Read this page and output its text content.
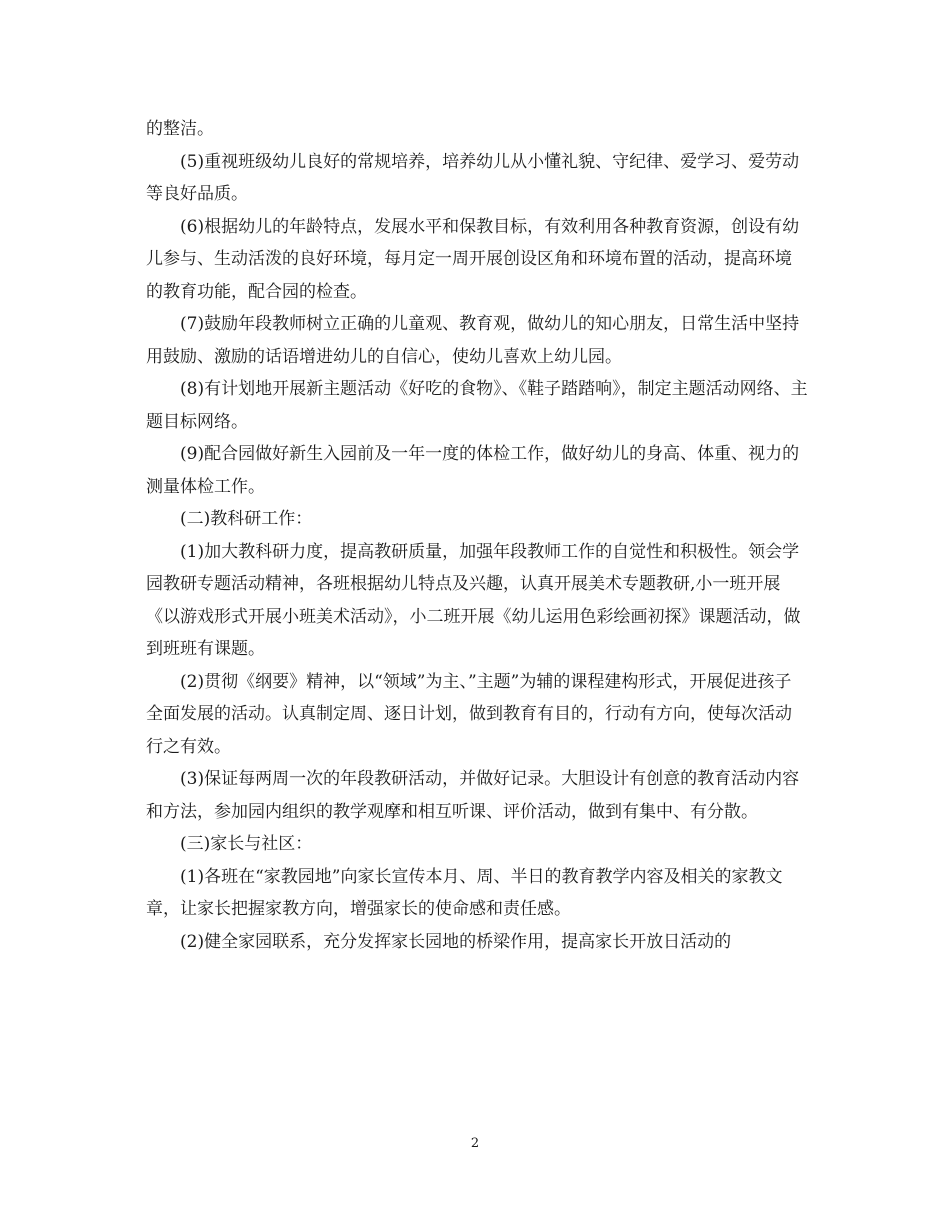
的整洁。

(5)重视班级幼儿良好的常规培养，培养幼儿从小懂礼貌、守纪律、爱学习、爱劳动等良好品质。

(6)根据幼儿的年龄特点，发展水平和保教目标，有效利用各种教育资源，创设有幼儿参与、生动活泼的良好环境，每月定一周开展创设区角和环境布置的活动，提高环境的教育功能，配合园的检查。

(7)鼓励年段教师树立正确的儿童观、教育观，做幼儿的知心朋友，日常生活中坚持用鼓励、激励的话语增进幼儿的自信心，使幼儿喜欢上幼儿园。

(8)有计划地开展新主题活动《好吃的食物》、《鞋子踏踏响》，制定主题活动网络、主题目标网络。

(9)配合园做好新生入园前及一年一度的体检工作，做好幼儿的身高、体重、视力的测量体检工作。

(二)教科研工作：

(1)加大教科研力度，提高教研质量，加强年段教师工作的自觉性和积极性。领会学园教研专题活动精神，各班根据幼儿特点及兴趣，认真开展美术专题教研,小一班开展《以游戏形式开展小班美术活动》，小二班开展《幼儿运用色彩绘画初探》课题活动，做到班班有课题。

(2)贯彻《纲要》精神，以“领域”为主、”主题”为辅的课程建构形式，开展促进孩子全面发展的活动。认真制定周、逐日计划，做到教育有目的，行动有方向，使每次活动行之有效。

(3)保证每两周一次的年段教研活动，并做好记录。大胆设计有创意的教育活动内容和方法，参加园内组织的教学观摩和相互听课、评价活动，做到有集中、有分散。

(三)家长与社区：

(1)各班在“家教园地”向家长宣传本月、周、半日的教育教学内容及相关的家教文章，让家长把握家教方向，增强家长的使命感和责任感。

(2)健全家园联系，充分发挥家长园地的桥梁作用，提高家长开放日活动的

2
